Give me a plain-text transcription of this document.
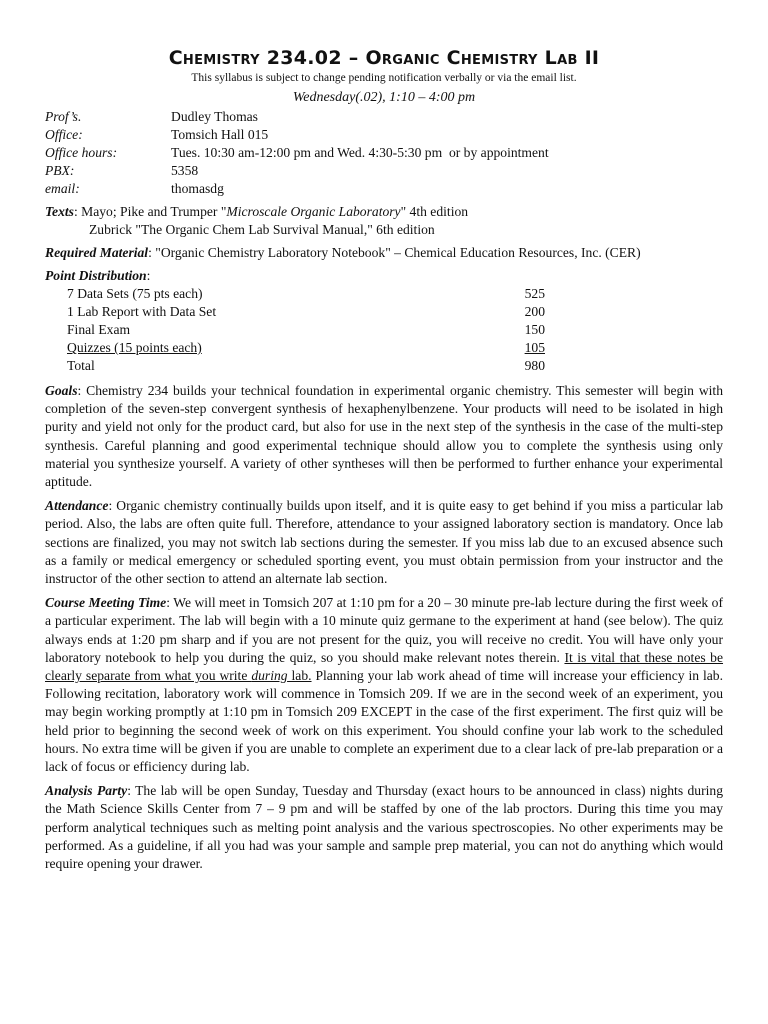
Chemistry 234.02 – Organic Chemistry Lab II
This syllabus is subject to change pending notification verbally or via the email list.
Wednesday(.02), 1:10 – 4:00 pm
Prof’s.	Dudley Thomas
Office:	Tomsich Hall 015
Office hours:	Tues. 10:30 am-12:00 pm and Wed. 4:30-5:30 pm  or by appointment
PBX:	5358
email:	thomasdg
Texts: Mayo; Pike and Trumper "Microscale Organic Laboratory" 4th edition
Zubrick "The Organic Chem Lab Survival Manual," 6th edition
Required Material: "Organic Chemistry Laboratory Notebook" – Chemical Education Resources, Inc. (CER)
Point Distribution:
7 Data Sets (75 pts each)	525
1 Lab Report with Data Set	200
Final Exam	150
Quizzes (15 points each)	105
Total	980

Goals: Chemistry 234 builds your technical foundation in experimental organic chemistry. This semester will begin with completion of the seven-step convergent synthesis of hexaphenylbenzene. Your products will need to be isolated in high purity and yield not only for the product card, but also for use in the next step of the synthesis in the case of the multi-step synthesis. Careful planning and good experimental technique should allow you to complete the synthesis using only material you synthesize yourself. A variety of other syntheses will then be performed to further enhance your experimental aptitude.

Attendance: Organic chemistry continually builds upon itself, and it is quite easy to get behind if you miss a particular lab period. Also, the labs are often quite full. Therefore, attendance to your assigned laboratory section is mandatory. Once lab sections are finalized, you may not switch lab sections during the semester. If you miss lab due to an excused absence such as a family or medical emergency or scheduled sporting event, you must obtain permission from your instructor and the instructor of the other section to attend an alternate lab section.

Course Meeting Time: We will meet in Tomsich 207 at 1:10 pm for a 20 – 30 minute pre-lab lecture during the first week of a particular experiment. The lab will begin with a 10 minute quiz germane to the experiment at hand (see below). The quiz always ends at 1:20 pm sharp and if you are not present for the quiz, you will receive no credit. You will have only your laboratory notebook to help you during the quiz, so you should make relevant notes therein. It is vital that these notes be clearly separate from what you write during lab. Planning your lab work ahead of time will increase your efficiency in lab. Following recitation, laboratory work will commence in Tomsich 209. If we are in the second week of an experiment, you may begin working promptly at 1:10 pm in Tomsich 209 EXCEPT in the case of the first experiment. The first quiz will be held prior to beginning the second week of work on this experiment. You should confine your lab work to the scheduled hours. No extra time will be given if you are unable to complete an experiment due to a clear lack of pre-lab preparation or a lack of focus or efficiency during lab.

Analysis Party: The lab will be open Sunday, Tuesday and Thursday (exact hours to be announced in class) nights during the Math Science Skills Center from 7 – 9 pm and will be staffed by one of the lab proctors. During this time you may perform analytical techniques such as melting point analysis and the various spectroscopies. No other experiments may be performed. As a guideline, if all you had was your sample and sample prep material, you can not do anything which would require opening your drawer.
